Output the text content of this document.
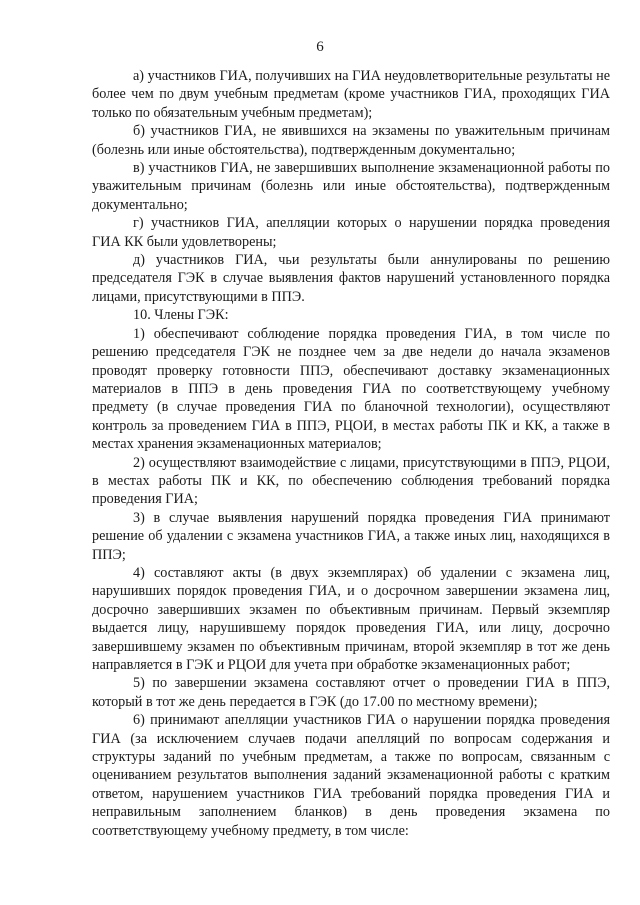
6

а) участников ГИА, получивших на ГИА неудовлетворительные результаты не более чем по двум учебным предметам (кроме участников ГИА, проходящих ГИА только по обязательным учебным предметам);

б) участников ГИА, не явившихся на экзамены по уважительным причинам (болезнь или иные обстоятельства), подтвержденным документально;

в) участников ГИА, не завершивших выполнение экзаменационной работы по уважительным причинам (болезнь или иные обстоятельства), подтвержденным документально;

г) участников ГИА, апелляции которых о нарушении порядка проведения ГИА КК были удовлетворены;

д) участников ГИА, чьи результаты были аннулированы по решению председателя ГЭК в случае выявления фактов нарушений установленного порядка лицами, присутствующими в ППЭ.

10. Члены ГЭК:

1) обеспечивают соблюдение порядка проведения ГИА, в том числе по решению председателя ГЭК не позднее чем за две недели до начала экзаменов проводят проверку готовности ППЭ, обеспечивают доставку экзаменационных материалов в ППЭ в день проведения ГИА по соответствующему учебному предмету (в случае проведения ГИА по бланочной технологии), осуществляют контроль за проведением ГИА в ППЭ, РЦОИ, в местах работы ПК и КК, а также в местах хранения экзаменационных материалов;

2) осуществляют взаимодействие с лицами, присутствующими в ППЭ, РЦОИ, в местах работы ПК и КК, по обеспечению соблюдения требований порядка проведения ГИА;

3) в случае выявления нарушений порядка проведения ГИА принимают решение об удалении с экзамена участников ГИА, а также иных лиц, находящихся в ППЭ;

4) составляют акты (в двух экземплярах) об удалении с экзамена лиц, нарушивших порядок проведения ГИА, и о досрочном завершении экзамена лиц, досрочно завершивших экзамен по объективным причинам. Первый экземпляр выдается лицу, нарушившему порядок проведения ГИА, или лицу, досрочно завершившему экзамен по объективным причинам, второй экземпляр в тот же день направляется в ГЭК и РЦОИ для учета при обработке экзаменационных работ;

5) по завершении экзамена составляют отчет о проведении ГИА в ППЭ, который в тот же день передается в ГЭК (до 17.00 по местному времени);

6) принимают апелляции участников ГИА о нарушении порядка проведения ГИА (за исключением случаев подачи апелляций по вопросам содержания и структуры заданий по учебным предметам, а также по вопросам, связанным с оцениванием результатов выполнения заданий экзаменационной работы с кратким ответом, нарушением участников ГИА требований порядка проведения ГИА и неправильным заполнением бланков) в день проведения экзамена по соответствующему учебному предмету, в том числе:
